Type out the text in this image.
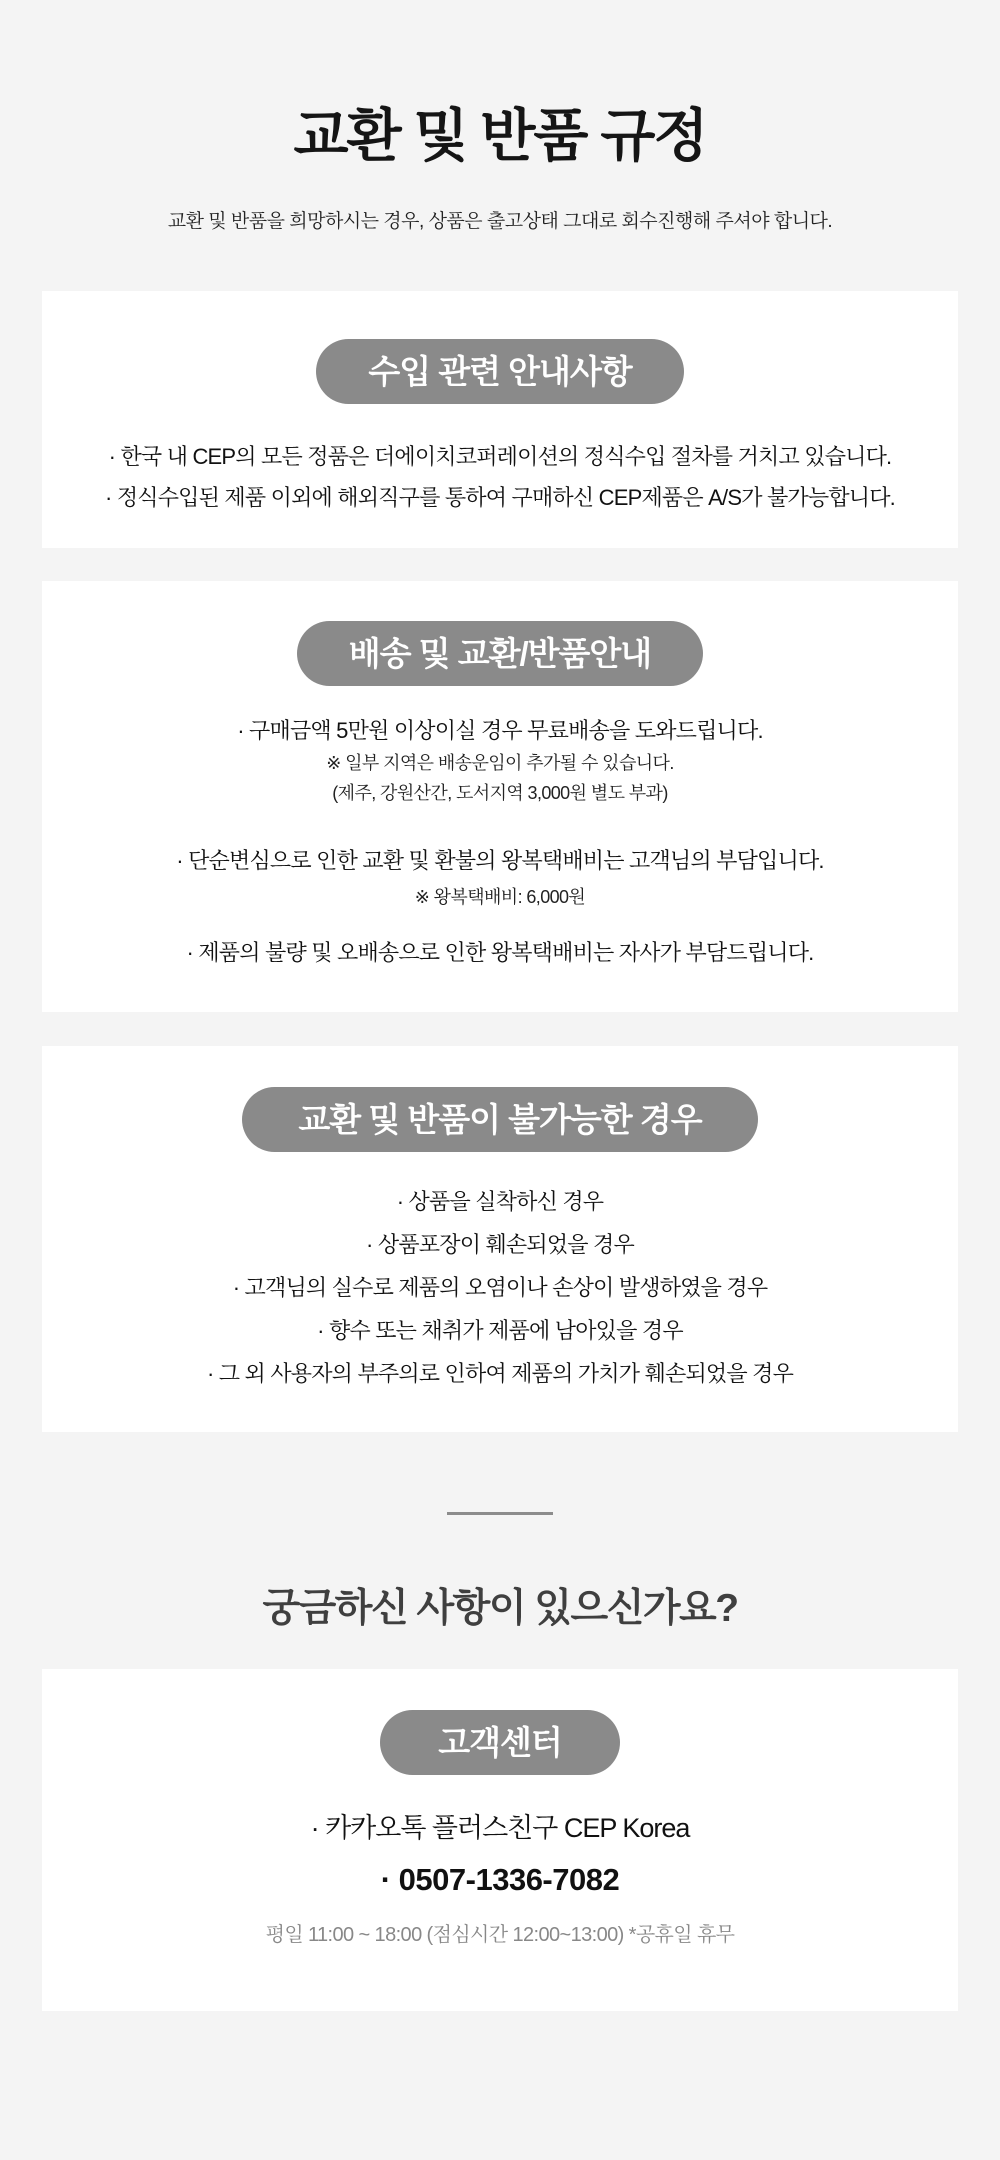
교환 및 반품 규정

교환 및 반품을 희망하시는 경우, 상품은 출고상태 그대로 회수진행해 주셔야 합니다.

수입 관련 안내사항
· 한국 내 CEP의 모든 정품은 더에이치코퍼레이션의 정식수입 절차를 거치고 있습니다.
· 정식수입된 제품 이외에 해외직구를 통하여 구매하신 CEP제품은 A/S가 불가능합니다.
배송 및 교환/반품안내

· 구매금액 5만원 이상이실 경우 무료배송을 도와드립니다.

※ 일부 지역은 배송운임이 추가될 수 있습니다.

(제주, 강원산간, 도서지역 3,000원 별도 부과)

· 단순변심으로 인한 교환 및 환불의 왕복택배비는 고객님의 부담입니다.

※ 왕복택배비: 6,000원

· 제품의 불량 및 오배송으로 인한 왕복택배비는 자사가 부담드립니다.

교환 및 반품이 불가능한 경우
· 상품을 실착하신 경우
· 상품포장이 훼손되었을 경우
· 고객님의 실수로 제품의 오염이나 손상이 발생하였을 경우
· 향수 또는 채취가 제품에 남아있을 경우
· 그 외 사용자의 부주의로 인하여 제품의 가치가 훼손되었을 경우
궁금하신 사항이 있으신가요?
고객센터

· 카카오톡 플러스친구 CEP Korea

· 0507-1336-7082

평일 11:00 ~ 18:00 (점심시간 12:00~13:00) *공휴일 휴무
